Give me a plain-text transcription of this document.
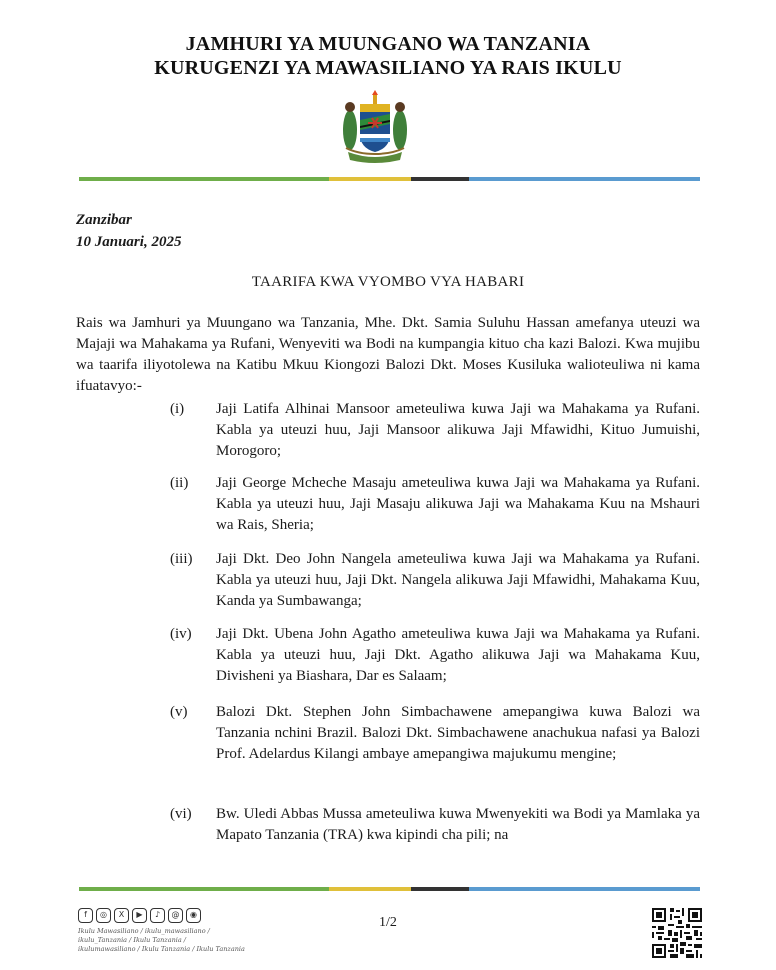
JAMHURI YA MUUNGANO WA TANZANIA
KURUGENZI YA MAWASILIANO YA RAIS IKULU
Zanzibar
10 Januari, 2025
TAARIFA KWA VYOMBO VYA HABARI
Rais wa Jamhuri ya Muungano wa Tanzania, Mhe. Dkt. Samia Suluhu Hassan amefanya uteuzi wa Majaji wa Mahakama ya Rufani, Wenyeviti wa Bodi na kumpangia kituo cha kazi Balozi. Kwa mujibu wa taarifa iliyotolewa na Katibu Mkuu Kiongozi Balozi Dkt. Moses Kusiluka walioteuliwa ni kama ifuatavyo:-
(i)	Jaji Latifa Alhinai Mansoor ameteuliwa kuwa Jaji wa Mahakama ya Rufani. Kabla ya uteuzi huu, Jaji Mansoor alikuwa Jaji Mfawidhi, Kituo Jumuishi, Morogoro;
(ii)	Jaji George Mcheche Masaju ameteuliwa kuwa Jaji wa Mahakama ya Rufani. Kabla ya uteuzi huu, Jaji Masaju alikuwa Jaji wa Mahakama Kuu na Mshauri wa Rais, Sheria;
(iii)	Jaji Dkt. Deo John Nangela ameteuliwa kuwa Jaji wa Mahakama ya Rufani. Kabla ya uteuzi huu, Jaji Dkt. Nangela alikuwa Jaji Mfawidhi, Mahakama Kuu, Kanda ya Sumbawanga;
(iv)	Jaji Dkt. Ubena John Agatho ameteuliwa kuwa Jaji wa Mahakama ya Rufani. Kabla ya uteuzi huu, Jaji Dkt. Agatho alikuwa Jaji wa Mahakama Kuu, Divisheni ya Biashara, Dar es Salaam;
(v)	Balozi Dkt. Stephen John Simbachawene amepangiwa kuwa Balozi wa Tanzania nchini Brazil. Balozi Dkt. Simbachawene anachukua nafasi ya Balozi Prof. Adelardus Kilangi ambaye amepangiwa majukumu mengine;
(vi)	Bw. Uledi Abbas Mussa ameteuliwa kuwa Mwenyekiti wa Bodi ya Mamlaka ya Mapato Tanzania (TRA) kwa kipindi cha pili; na
f	◎	X	▶	♪	@	◉
Ikulu Mawasiliano / ikulu_mawasiliano /
ikulu_Tanzania / Ikulu Tanzania /
ikulumawasiliano / Ikulu Tanzania / Ikulu Tanzania
1/2
